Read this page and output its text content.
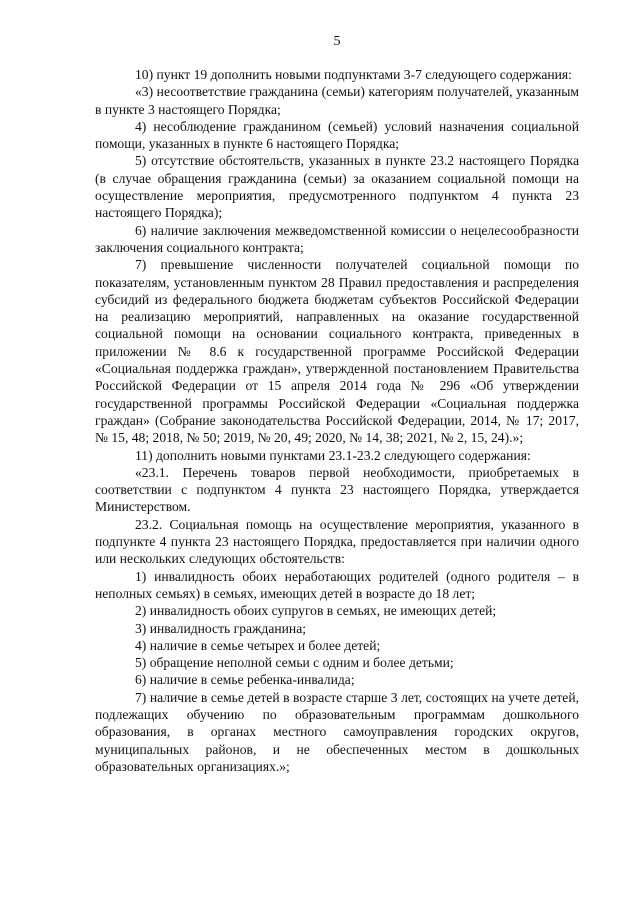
5

10) пункт 19 дополнить новыми подпунктами 3-7 следующего содержания:

«3) несоответствие гражданина (семьи) категориям получателей, указанным в пункте 3 настоящего Порядка;

4) несоблюдение гражданином (семьей) условий назначения социальной помощи, указанных в пункте 6 настоящего Порядка;

5) отсутствие обстоятельств, указанных в пункте 23.2 настоящего Порядка (в случае обращения гражданина (семьи) за оказанием социальной помощи на осуществление мероприятия, предусмотренного подпунктом 4 пункта 23 настоящего Порядка);

6) наличие заключения межведомственной комиссии о нецелесообразности заключения социального контракта;

7) превышение численности получателей социальной помощи по показателям, установленным пунктом 28 Правил предоставления и распределения субсидий из федерального бюджета бюджетам субъектов Российской Федерации на реализацию мероприятий, направленных на оказание государственной социальной помощи на основании социального контракта, приведенных в приложении № 8.6 к государственной программе Российской Федерации «Социальная поддержка граждан», утвержденной постановлением Правительства Российской Федерации от 15 апреля 2014 года № 296 «Об утверждении государственной программы Российской Федерации «Социальная поддержка граждан» (Собрание законодательства Российской Федерации, 2014, № 17; 2017, № 15, 48; 2018, № 50; 2019, № 20, 49; 2020, № 14, 38; 2021, № 2, 15, 24).»;

11) дополнить новыми пунктами 23.1-23.2 следующего содержания:

«23.1. Перечень товаров первой необходимости, приобретаемых в соответствии с подпунктом 4 пункта 23 настоящего Порядка, утверждается Министерством.

23.2. Социальная помощь на осуществление мероприятия, указанного в подпункте 4 пункта 23 настоящего Порядка, предоставляется при наличии одного или нескольких следующих обстоятельств:

1) инвалидность обоих неработающих родителей (одного родителя – в неполных семьях) в семьях, имеющих детей в возрасте до 18 лет;

2) инвалидность обоих супругов в семьях, не имеющих детей;

3) инвалидность гражданина;

4) наличие в семье четырех и более детей;

5) обращение неполной семьи с одним и более детьми;

6) наличие в семье ребенка-инвалида;

7) наличие в семье детей в возрасте старше 3 лет, состоящих на учете детей, подлежащих обучению по образовательным программам дошкольного образования, в органах местного самоуправления городских округов, муниципальных районов, и не обеспеченных местом в дошкольных образовательных организациях.»;
